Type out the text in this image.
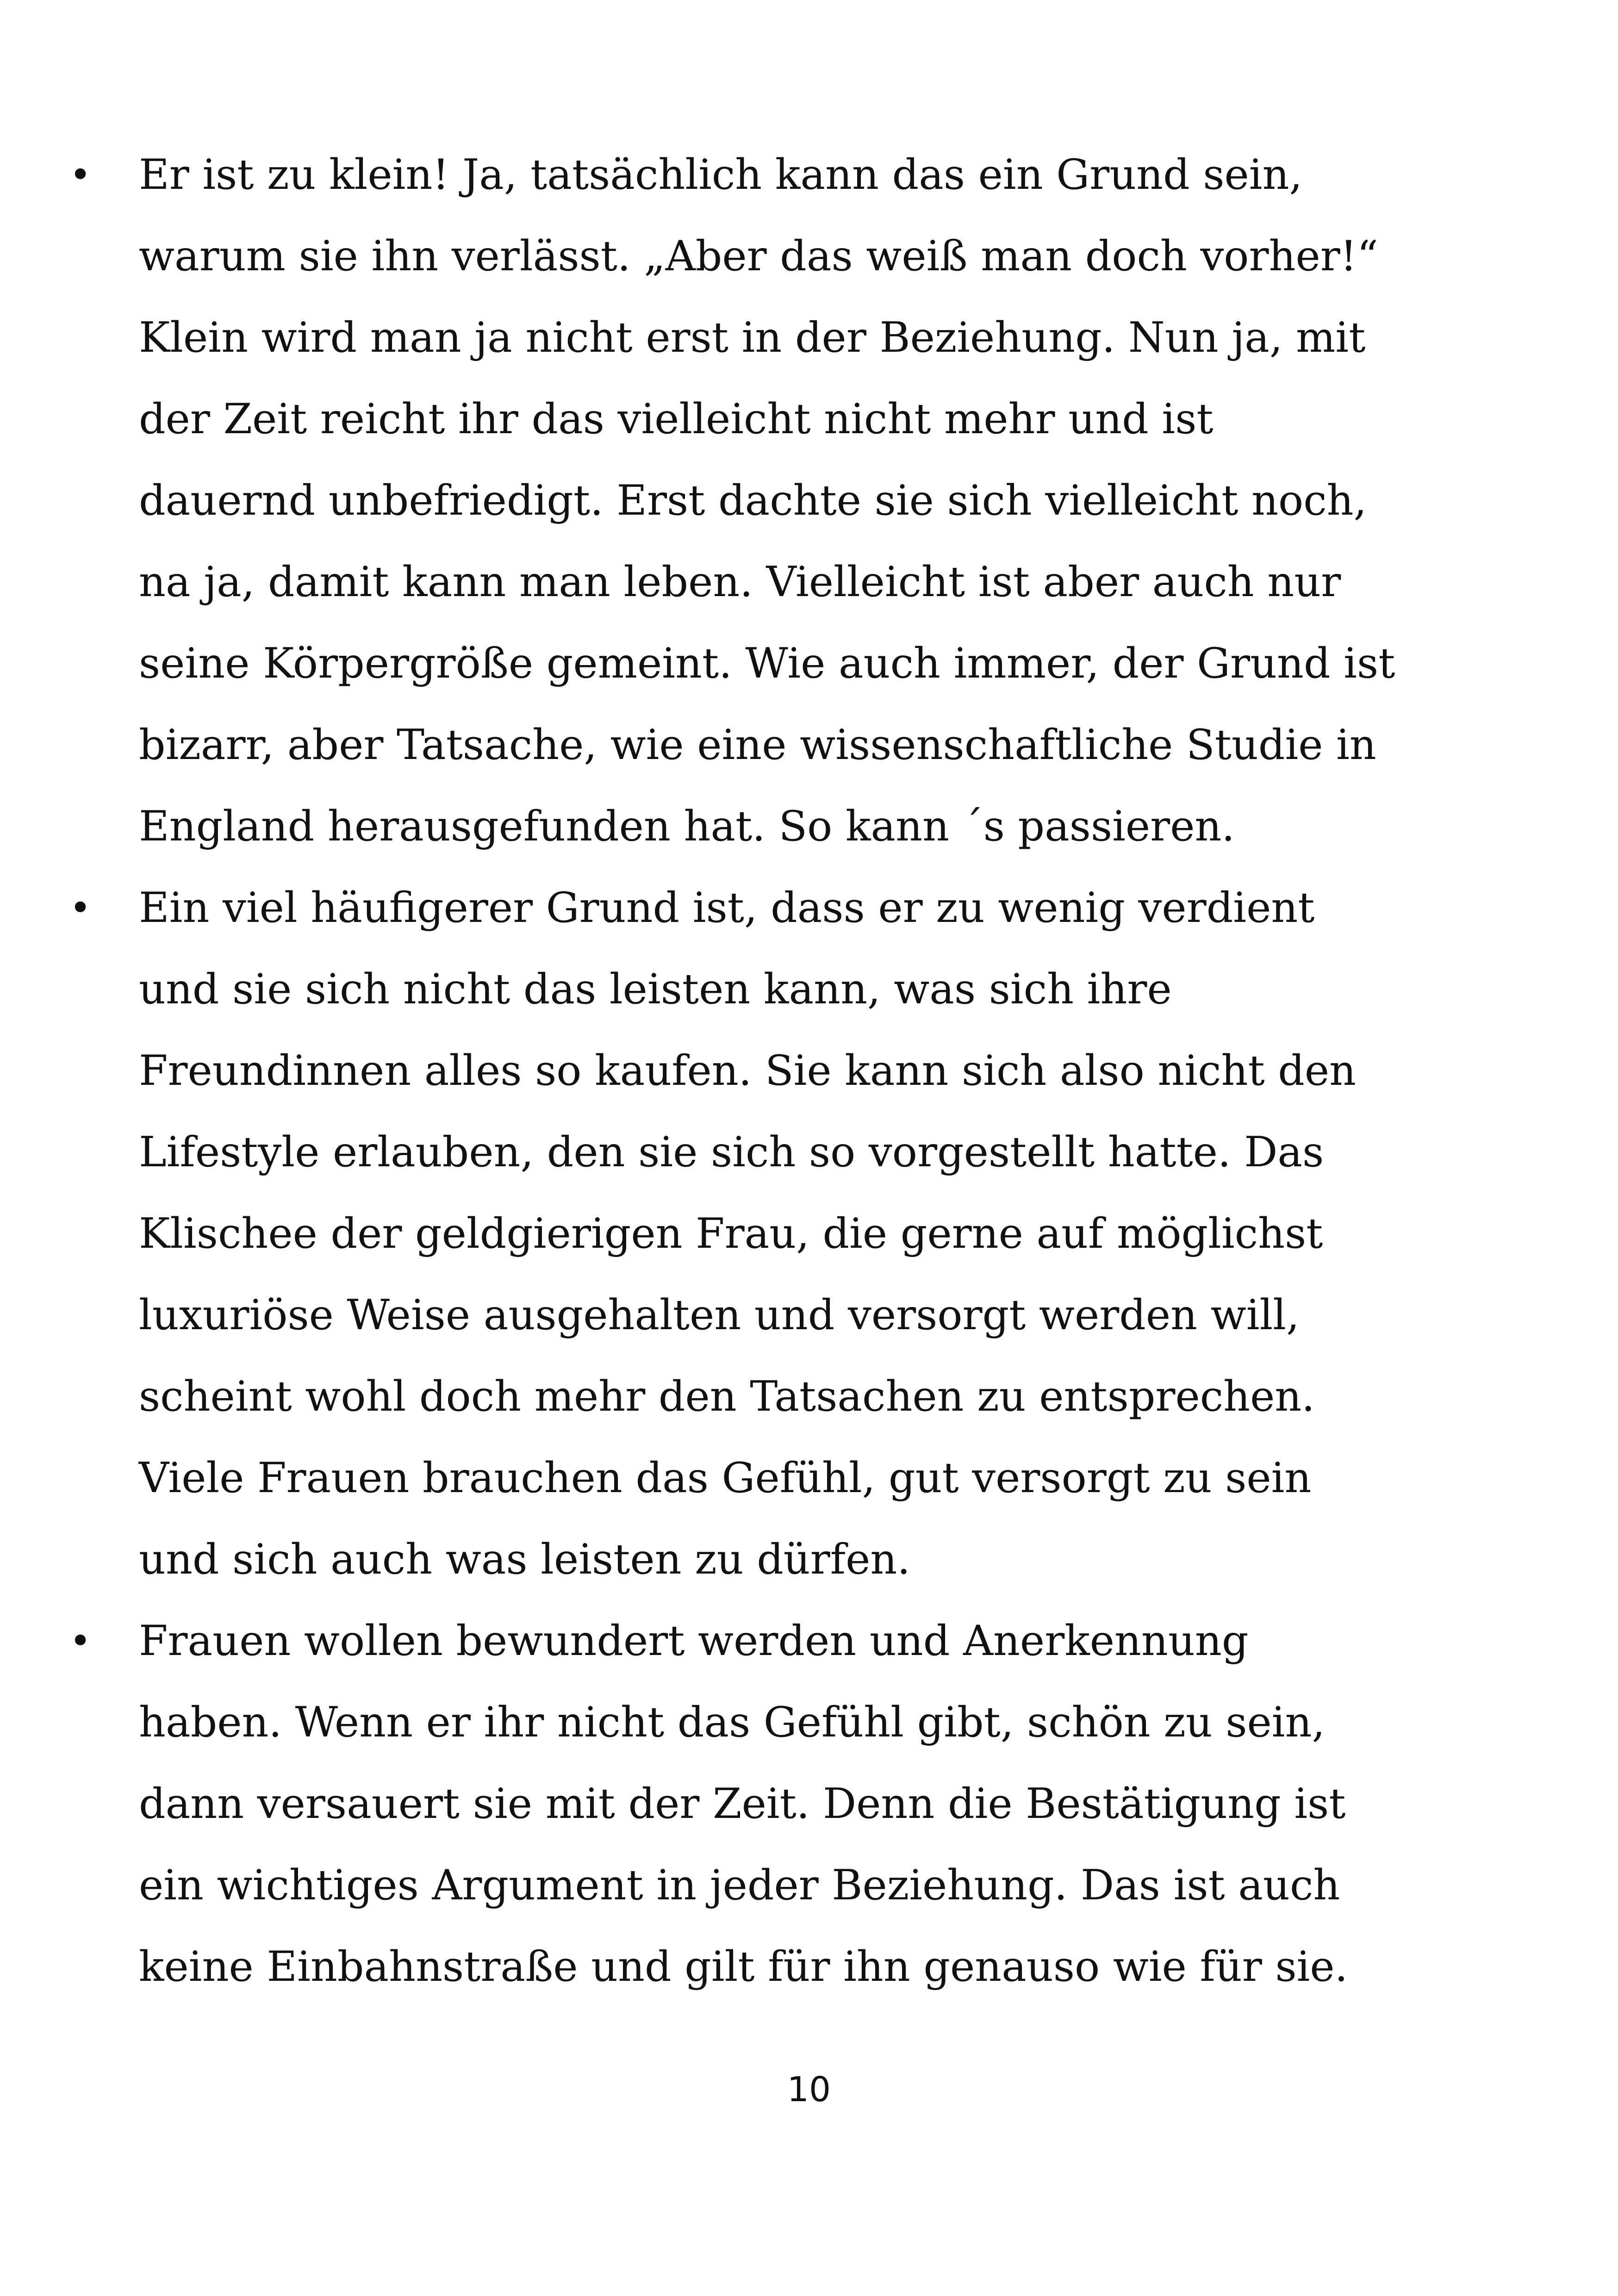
• Er ist zu klein! Ja, tatsächlich kann das ein Grund sein,
warum sie ihn verlässt. „Aber das weiß man doch vorher!“
Klein wird man ja nicht erst in der Beziehung. Nun ja, mit
der Zeit reicht ihr das vielleicht nicht mehr und ist
dauernd unbefriedigt. Erst dachte sie sich vielleicht noch,
na ja, damit kann man leben. Vielleicht ist aber auch nur
seine Körpergröße gemeint. Wie auch immer, der Grund ist
bizarr, aber Tatsache, wie eine wissenschaftliche Studie in
England herausgefunden hat. So kann ´s passieren.

• Ein viel häufigerer Grund ist, dass er zu wenig verdient
und sie sich nicht das leisten kann, was sich ihre
Freundinnen alles so kaufen. Sie kann sich also nicht den
Lifestyle erlauben, den sie sich so vorgestellt hatte. Das
Klischee der geldgierigen Frau, die gerne auf möglichst
luxuriöse Weise ausgehalten und versorgt werden will,
scheint wohl doch mehr den Tatsachen zu entsprechen.
Viele Frauen brauchen das Gefühl, gut versorgt zu sein
und sich auch was leisten zu dürfen.

• Frauen wollen bewundert werden und Anerkennung
haben. Wenn er ihr nicht das Gefühl gibt, schön zu sein,
dann versauert sie mit der Zeit. Denn die Bestätigung ist
ein wichtiges Argument in jeder Beziehung. Das ist auch
keine Einbahnstraße und gilt für ihn genauso wie für sie.

10
